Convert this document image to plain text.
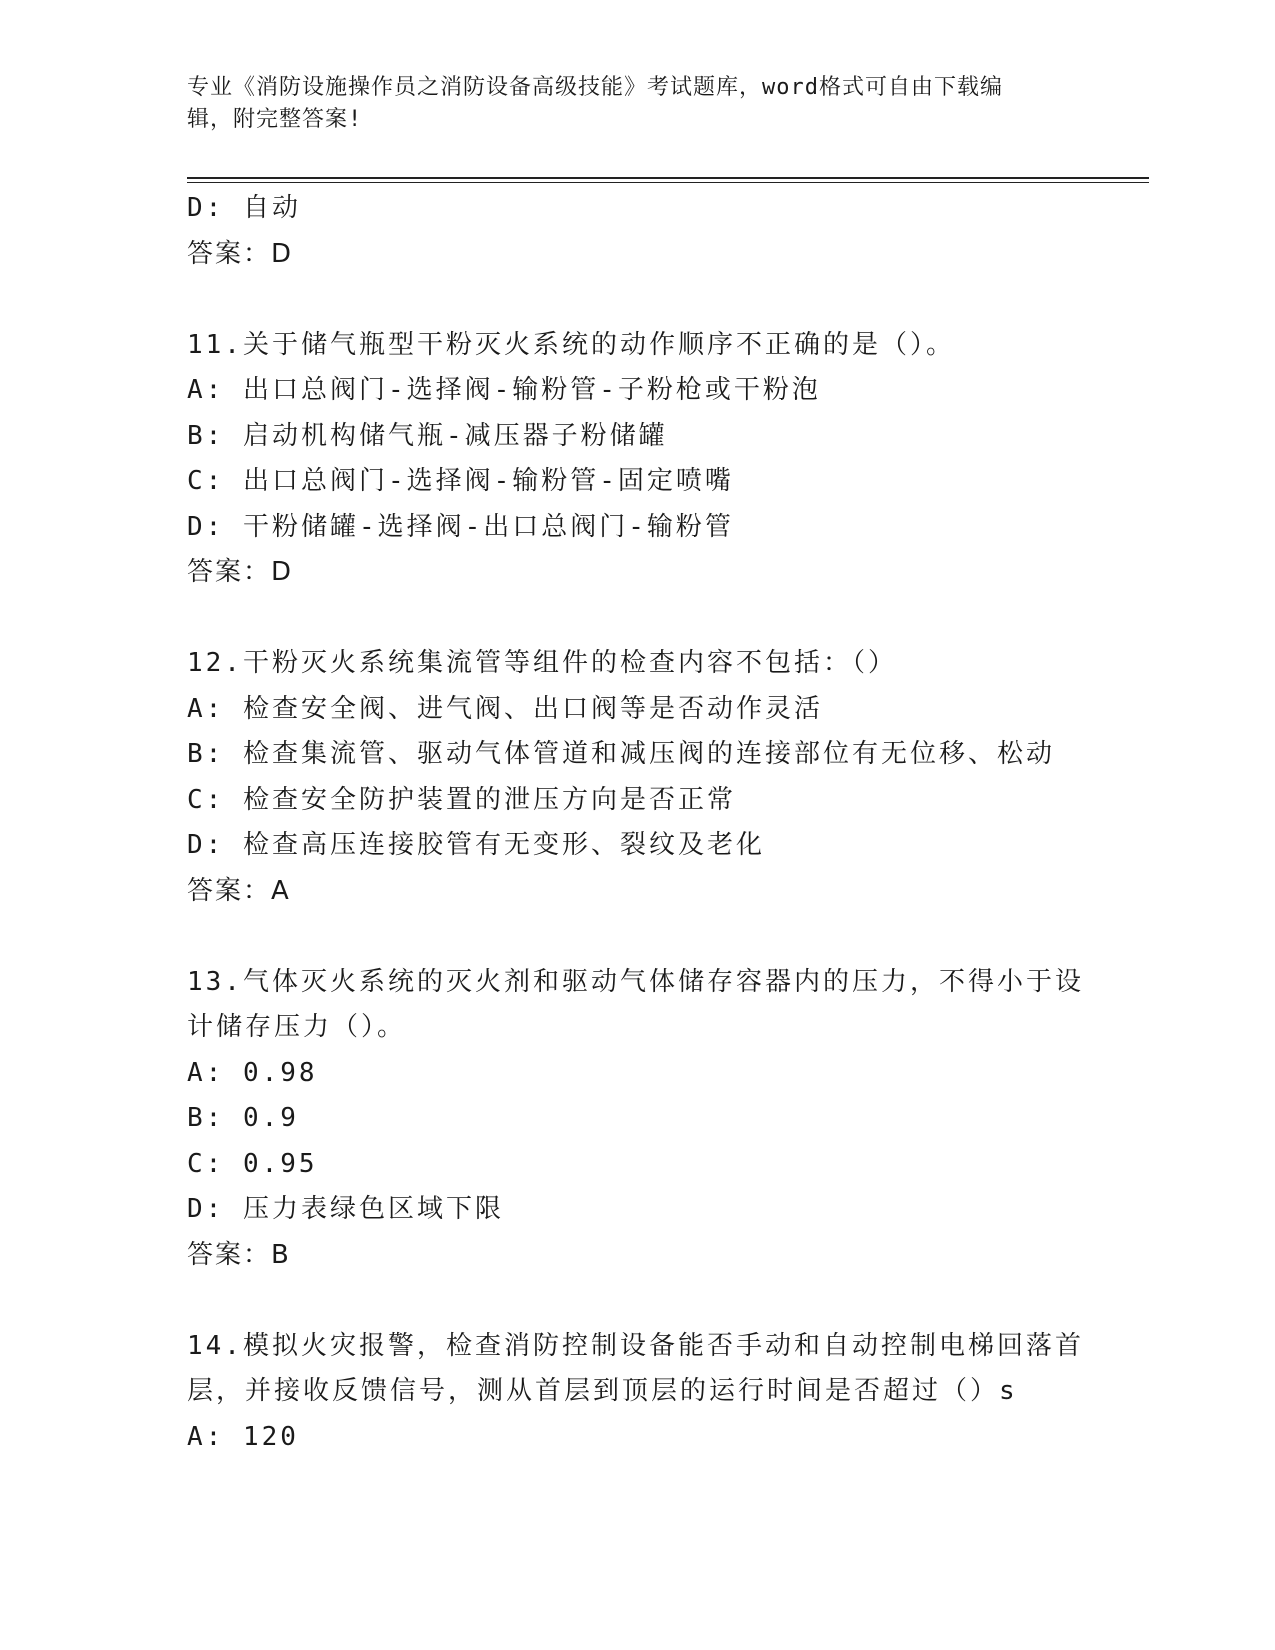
专业《消防设施操作员之消防设备高级技能》考试题库，word格式可自由下载编
辑，附完整答案!
D: 自动
答案：D
11.关于储气瓶型干粉灭火系统的动作顺序不正确的是（）。
A: 出口总阀门-选择阀-输粉管-子粉枪或干粉泡
B: 启动机构储气瓶-减压器子粉储罐
C: 出口总阀门-选择阀-输粉管-固定喷嘴
D: 干粉储罐-选择阀-出口总阀门-输粉管
答案：D
12.干粉灭火系统集流管等组件的检查内容不包括：（）
A: 检查安全阀、进气阀、出口阀等是否动作灵活
B: 检查集流管、驱动气体管道和减压阀的连接部位有无位移、松动
C: 检查安全防护装置的泄压方向是否正常
D: 检查高压连接胶管有无变形、裂纹及老化
答案：A
13.气体灭火系统的灭火剂和驱动气体储存容器内的压力，不得小于设
计储存压力（）。
A: 0.98
B: 0.9
C: 0.95
D: 压力表绿色区域下限
答案：B
14.模拟火灾报警，检查消防控制设备能否手动和自动控制电梯回落首
层，并接收反馈信号，测从首层到顶层的运行时间是否超过（）s
A: 120
